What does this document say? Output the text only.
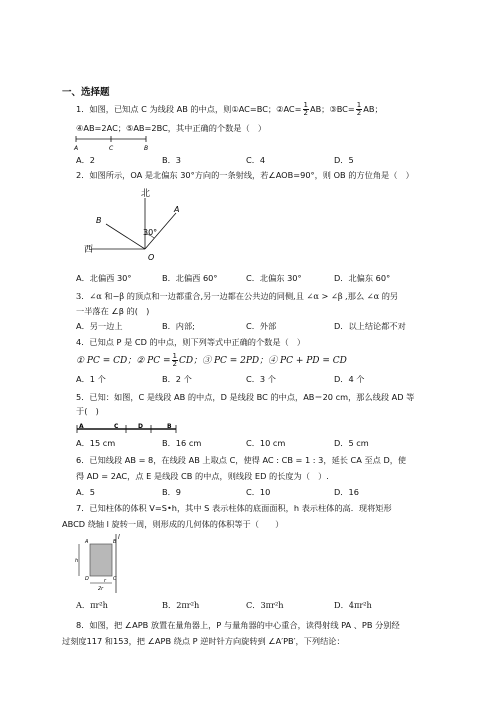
一、选择题
1．如图，已知点 C 为线段 AB 的中点，则①AC=BC；②AC= $\frac{1}{2}$ AB；③BC= $\frac{1}{2}$ AB；
④AB=2AC；⑤AB=2BC，其中正确的个数是（　）
A	C	B
A．2	B．3	C．4	D．5
2．如图所示，OA 是北偏东 30°方向的一条射线，若∠AOB=90°，则 OB 的方位角是（　）
北
西
30°
A
B
O
A．北偏西 30°	B．北偏西 60°	C．北偏东 30°	D．北偏东 60°
3．∠α 和−β 的顶点和一边都重合,另一边都在公共边的同侧,且 ∠α > ∠β ,那么 ∠α 的另
一半落在 ∠β 的(　)
A．另一边上	B．内部;	C．外部	D．以上结论都不对
4．已知点 P 是 CD 的中点，则下列等式中正确的个数是（　）
① PC = CD；② PC = $\frac{1}{2}$ CD；③ PC = 2PD；④ PC + PD = CD
A．1 个	B．2 个	C．3 个	D．4 个
5．已知：如图，C 是线段 AB 的中点，D 是线段 BC 的中点，AB＝20 cm，那么线段 AD 等
于(　)
A	C	D	B
A．15 cm	B．16 cm	C．10 cm	D．5 cm
6．已知线段 AB = 8，在线段 AB 上取点 C，使得 AC : CB = 1 : 3，延长 CA 至点 D，使
得 AD = 2AC，点 E 是线段 CB 的中点，则线段 ED 的长度为（　）.
A．5	B．9	C．10	D．16
7．已知柱体的体积 V=S•h，其中 S 表示柱体的底面面积，h 表示柱体的高．现将矩形
ABCD 绕轴 l 旋转一周，则形成的几何体的体积等于（　　）
l
A
D	C
B
h
r
2r
A．πr²h	B．2πr²h	C．3πr²h	D．4πr²h
8．如图，把 ∠APB 放置在量角器上，P 与量角器的中心重合，读得射线 PA 、PB 分别经
过刻度117 和153，把 ∠APB 绕点 P 逆时针方向旋转到 ∠A′PB′，下列结论：
